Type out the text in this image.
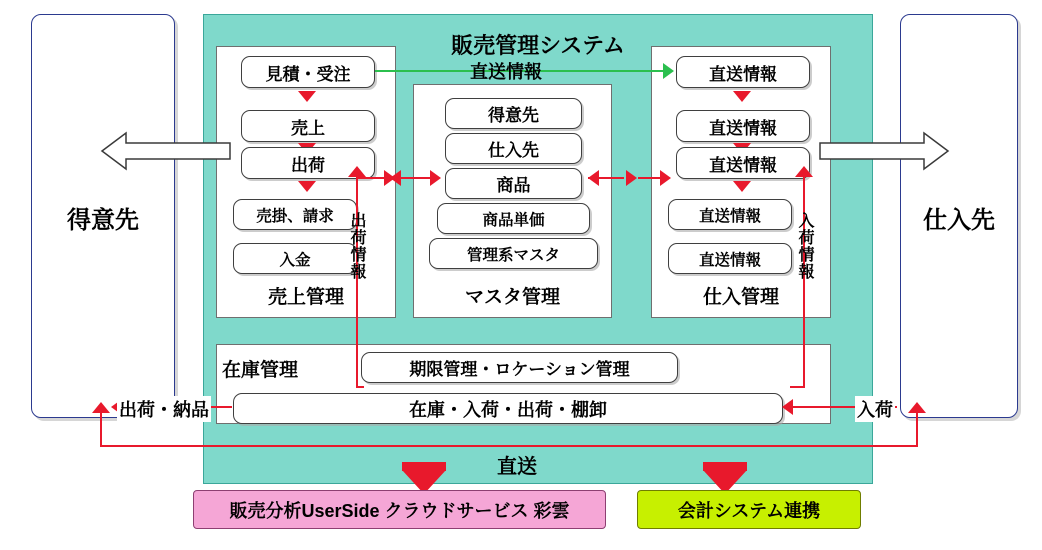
得意先	仕入先
販売管理システム
売上管理
見積・受注
売上
出荷
売掛、請求
入金
マスタ管理
得意先
仕入先
商品
商品単価
管理系マスタ
仕入管理
直送情報
直送情報
直送情報
直送情報
直送情報
在庫管理	期限管理・ロケーション管理
在庫・入荷・出荷・棚卸
直送情報
出荷情報	入荷情報
出荷・納品	入荷
直送
販売分析UserSide クラウドサービス 彩雲	会計システム連携
